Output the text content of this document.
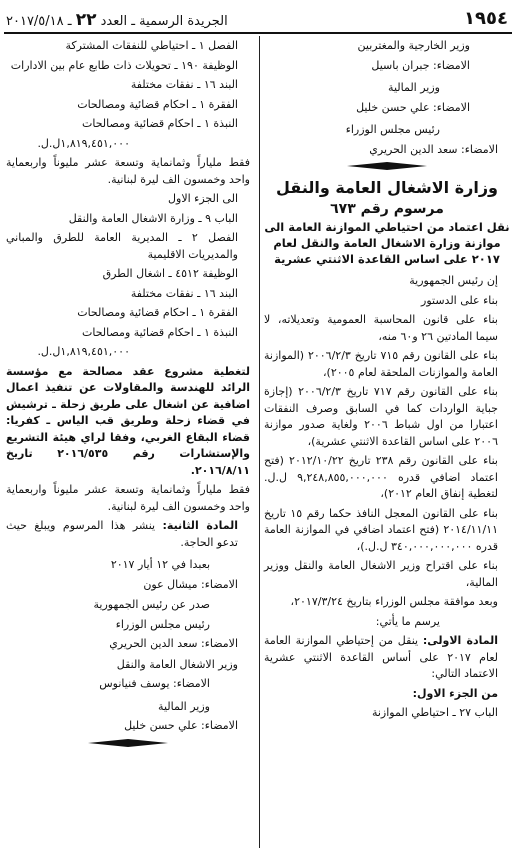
١٩٥٤
الجريدة الرسمية ـ العدد ٢٢ ـ ٢٠١٧/٥/١٨

وزير الخارجية والمغتربين

الامضاء: جبران باسيل

وزير المالية

الامضاء: علي حسن خليل

رئيس مجلس الوزراء

الامضاء: سعد الدين الحريري

وزارة الاشغال العامة والنقل
مرسوم رقم ٦٧٣
نقل اعتماد من احتياطي الموازنة العامة الى موازنة وزارة الاشغال العامة والنقل لعام ٢٠١٧ على اساس القاعدة الاثنتي عشرية

إن رئيس الجمهورية

بناء على الدستور

بناء على قانون المحاسبة العمومية وتعديلاته، لا سيما المادتين ٢٦ و٦٠ منه،

بناء على القانون رقم ٧١٥ تاريخ ٢٠٠٦/٢/٣ (الموازنة العامة والموازنات الملحقة لعام ٢٠٠٥)،

بناء على القانون رقم ٧١٧ تاريخ ٢٠٠٦/٢/٣ (إجازة جباية الواردات كما في السابق وصرف النفقات اعتبارا من اول شباط ٢٠٠٦ ولغاية صدور موازنة ٢٠٠٦ على اساس القاعدة الاثنتي عشرية)،

بناء على القانون رقم ٢٣٨ تاريخ ٢٠١٢/١٠/٢٢ (فتح اعتماد اضافي قدره ٩,٢٤٨,٨٥٥,٠٠٠,٠٠٠ ل.ل. لتغطية إنفاق العام ٢٠١٢)،

بناء على القانون المعجل النافذ حكما رقم ١٥ تاريخ ٢٠١٤/١١/١١ (فتح اعتماد اضافي في الموازنة العامة قدره ٣٤٠,٠٠٠,٠٠٠,٠٠٠ ل.ل.)،

بناء على اقتراح وزير الاشغال العامة والنقل ووزير المالية،

وبعد موافقة مجلس الوزراء بتاريخ ٢٠١٧/٣/٢٤،

يرسم ما يأتي:

المادة الاولى: ينقل من إحتياطي الموازنة العامة لعام ٢٠١٧ على أساس القاعدة الاثنتي عشرية الاعتماد التالي:

من الجزء الاول:

الباب ٢٧ ـ احتياطي الموازنة

الفصل ١ ـ احتياطي للنفقات المشتركة

الوظيفة ١٩٠ ـ تحويلات ذات طابع عام بين الادارات

البند ١٦ ـ نفقات مختلفة

الفقرة ١ ـ احكام قضائية ومصالحات

النبذة ١ ـ احكام قضائية ومصالحات

١,٨١٩,٤٥١,٠٠٠ل.ل.

فقط ملياراً وثمانماية وتسعة عشر مليوناً واربعماية واحد وخمسون الف ليرة لبنانية.

الى الجزء الاول

الباب ٩ ـ وزارة الاشغال العامة والنقل

الفصل ٢ ـ المديرية العامة للطرق والمباني والمديريات الاقليمية

الوظيفة ٤٥١٢ ـ اشغال الطرق

البند ١٦ ـ نفقات مختلفة

الفقرة ١ ـ احكام قضائية ومصالحات

النبذة ١ ـ احكام قضائية ومصالحات

١,٨١٩,٤٥١,٠٠٠ل.ل.

لتغطية مشروع عقد مصالحة مع مؤسسة الرائد للهندسة والمقاولات عن تنفيذ اعمال اضافية عن اشغال على طريق زحلة ـ ترشيش في قضاء زحلة وطريق قب الياس ـ كفريا: قضاء البقاع الغربي، وفقا لراي هيئة التشريع والإستشارات رقم ٢٠١٦/٥٣٥ تاريخ ٢٠١٦/٨/١١.

فقط ملياراً وثمانماية وتسعة عشر مليوناً واربعماية واحد وخمسون الف ليرة لبنانية.

المادة الثانية: ينشر هذا المرسوم ويبلغ حيث تدعو الحاجة.

بعبدا في ١٢ أيار ٢٠١٧

الامضاء: ميشال عون

صدر عن رئيس الجمهورية

رئيس مجلس الوزراء

الامضاء: سعد الدين الحريري

وزير الاشغال العامة والنقل

الامضاء: يوسف فنيانوس

وزير المالية

الامضاء: علي حسن خليل
